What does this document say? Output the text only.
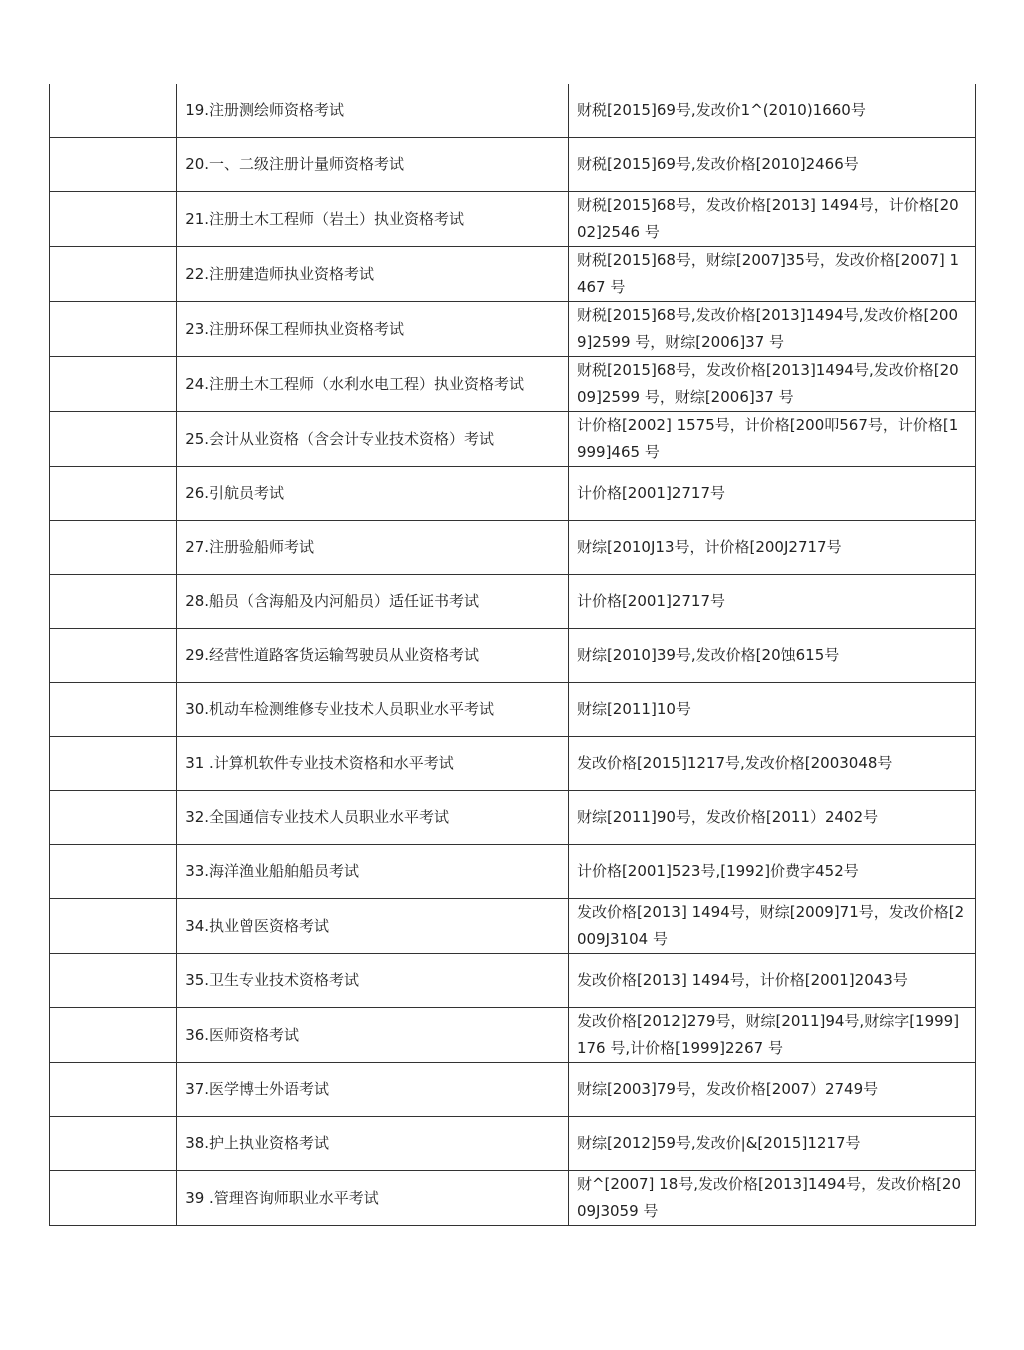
	19.注册测绘师资格考试	财税[2015]69号,发改价1^(2010)1660号
	20.一、二级注册计量师资格考试	财税[2015]69号,发改价格[2010]2466号
	21.注册土木工程师（岩土）执业资格考试	财税[2015]68号，发改价格[2013] 1494号，计价格[2002]2546 号
	22.注册建造师执业资格考试	财税[2015]68号，财综[2007]35号，发改价格[2007] 1467 号
	23.注册环保工程师执业资格考试	财税[2015]68号,发改价格[2013]1494号,发改价格[2009]2599 号，财综[2006]37 号
	24.注册土木工程师（水利水电工程）执业资格考试	财税[2015]68号，发改价格[2013]1494号,发改价格[2009]2599 号，财综[2006]37 号
	25.会计从业资格（含会计专业技术资格）考试	计价格[2002] 1575号，计价格[200叩567号，计价格[1999]465 号
	26.引航员考试	计价格[2001]2717号
	27.注册验船师考试	财综[2010J13号，计价格[200J2717号
	28.船员（含海船及内河船员）适任证书考试	计价格[2001]2717号
	29.经营性道路客货运输驾驶员从业资格考试	财综[2010]39号,发改价格[20蚀615号
	30.机动车检测维修专业技术人员职业水平考试	财综[2011]10号
	31 .计算机软件专业技术资格和水平考试	发改价格[2015]1217号,发改价格[2003048号
	32.全国通信专业技术人员职业水平考试	财综[2011]90号，发改价格[2011）2402号
	33.海洋渔业船舶船员考试	计价格[2001]523号,[1992]价费字452号
	34.执业曾医资格考试	发改价格[2013] 1494号，财综[2009]71号，发改价格[2009J3104 号
	35.卫生专业技术资格考试	发改价格[2013] 1494号，计价格[2001]2043号
	36.医师资格考试	发改价格[2012]279号，财综[2011]94号,财综字[1999]176 号,计价格[1999]2267 号
	37.医学博士外语考试	财综[2003]79号，发改价格[2007）2749号
	38.护上执业资格考试	财综[2012]59号,发改价|&[2015]1217号
	39 .管理咨询师职业水平考试	财^[2007] 18号,发改价格[2013]1494号，发改价格[2009J3059 号
